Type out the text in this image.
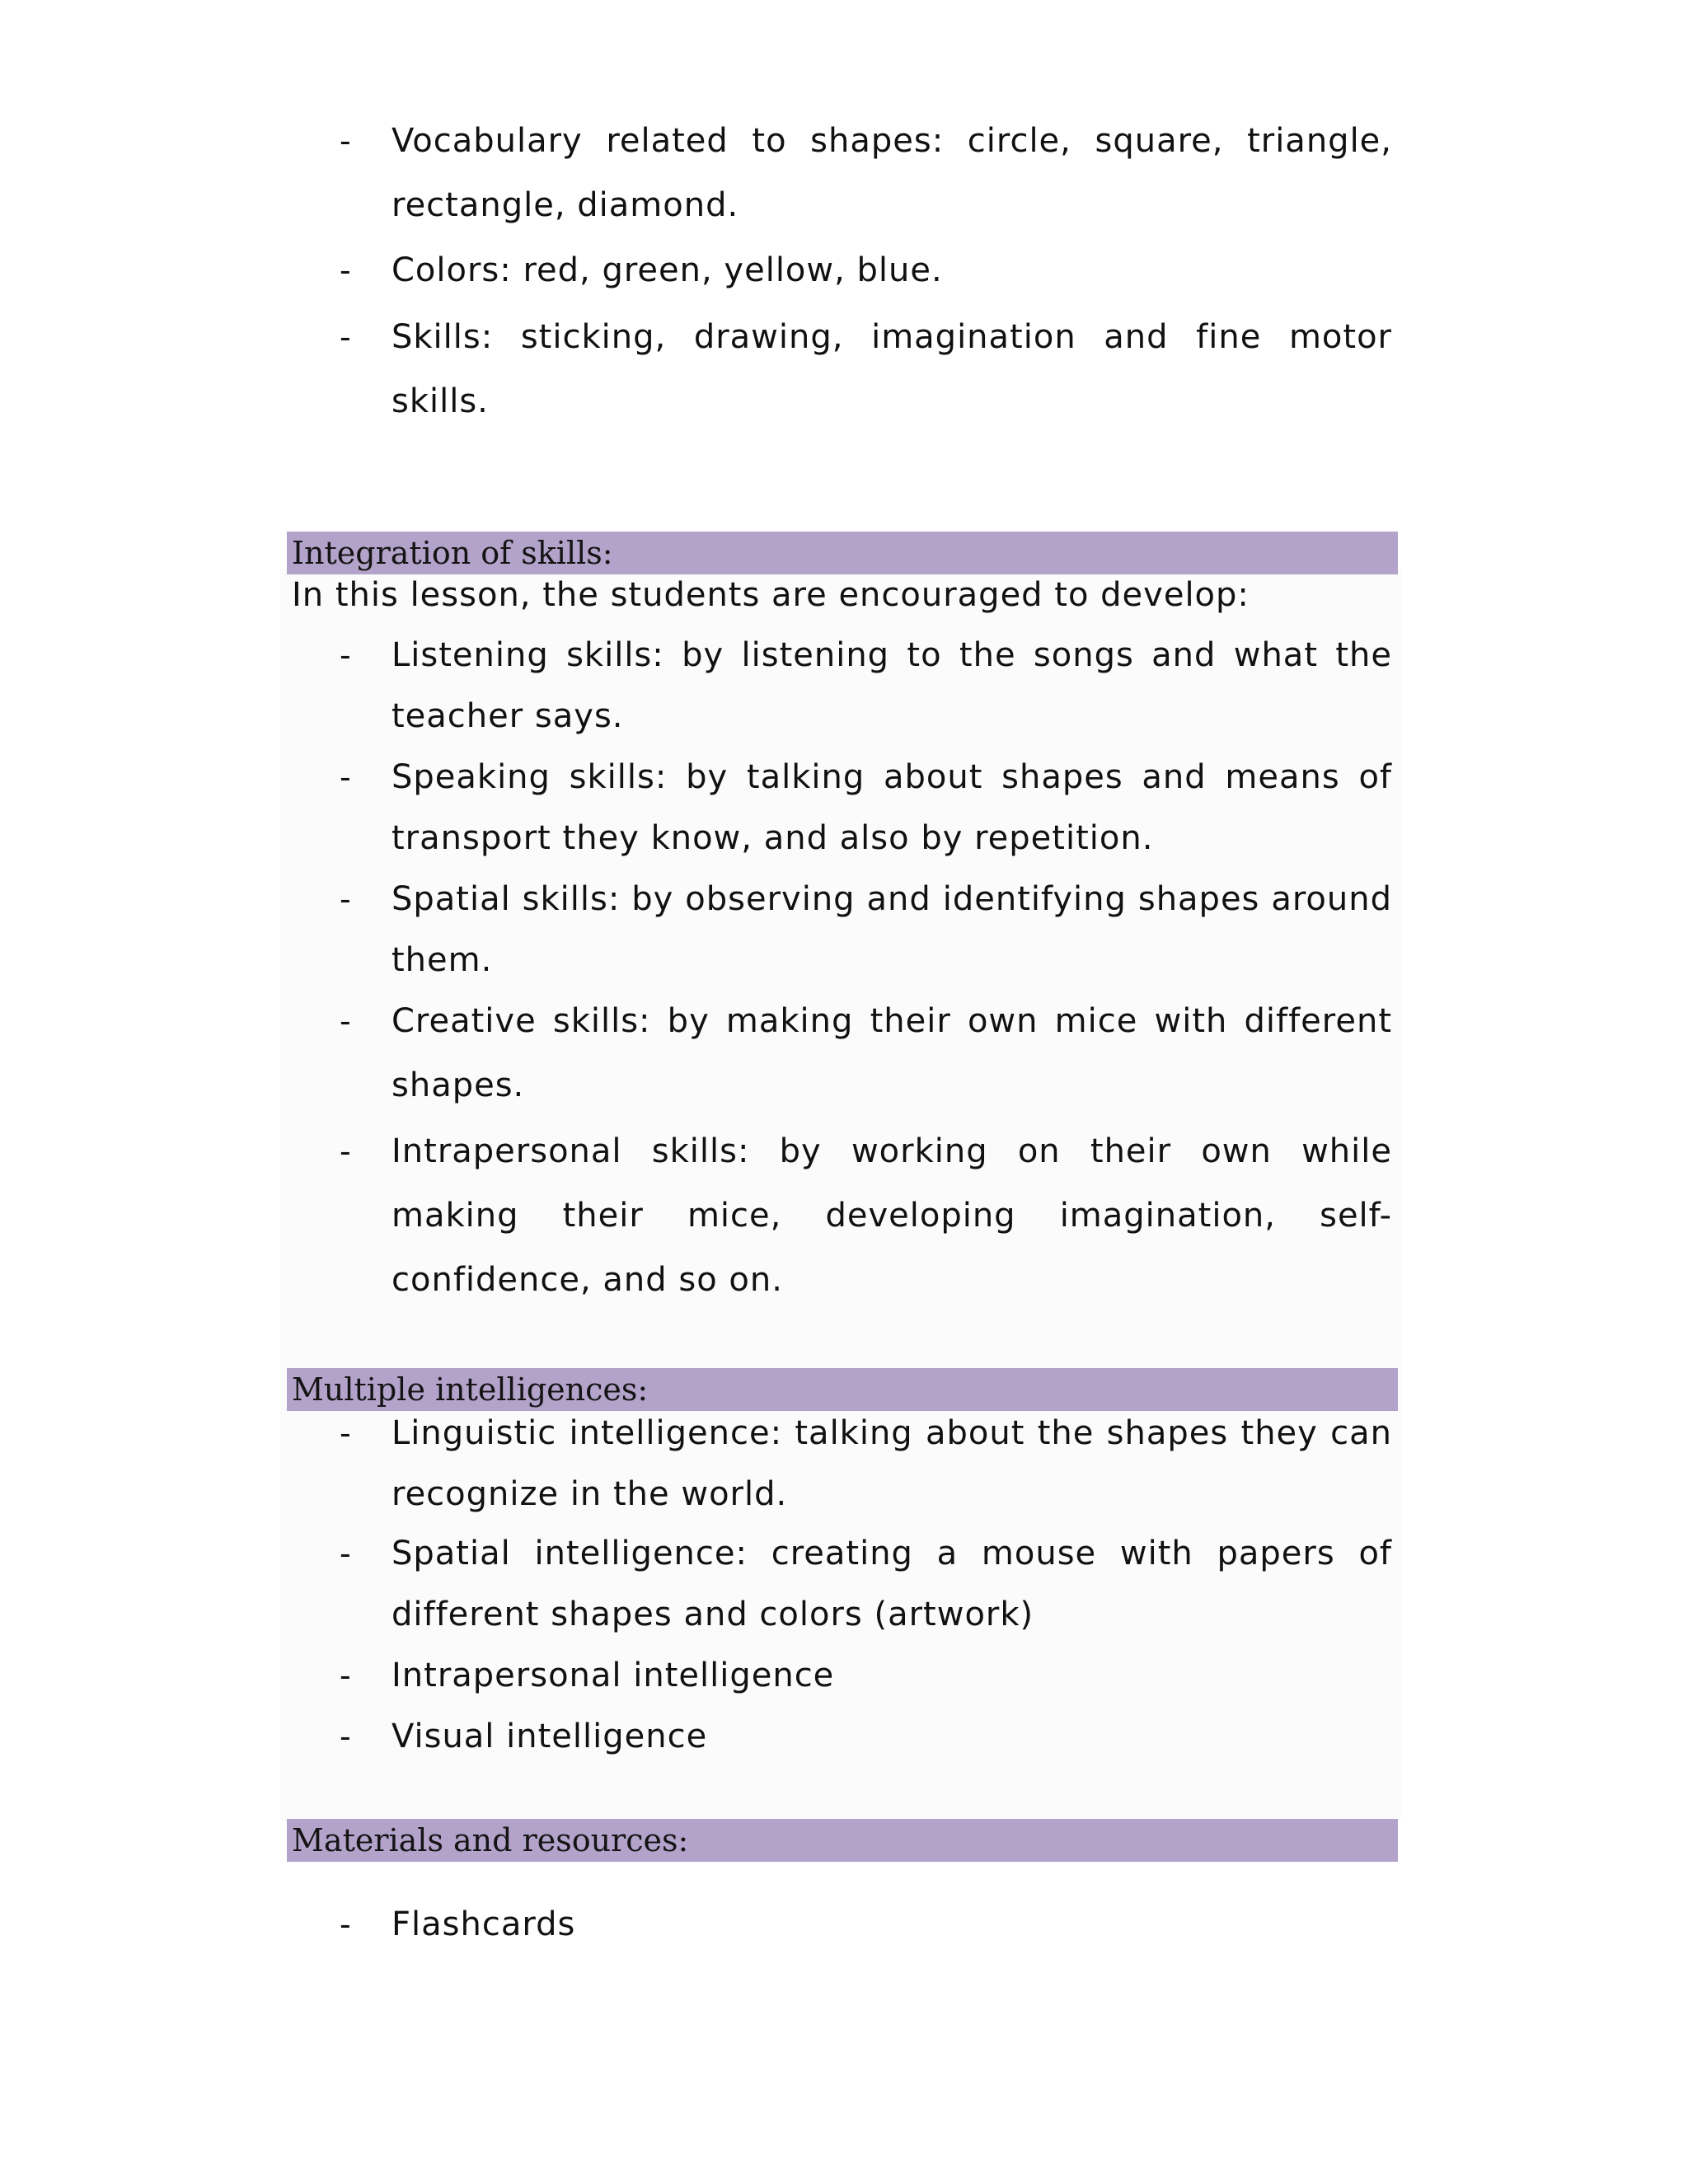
- Vocabulary related to shapes: circle, square, triangle, rectangle, diamond.
- Colors: red, green, yellow, blue.
- Skills: sticking, drawing, imagination and fine motor skills.
Integration of skills:
In this lesson, the students are encouraged to develop:
- Listening skills: by listening to the songs and what the teacher says.
- Speaking skills: by talking about shapes and means of transport they know, and also by repetition.
- Spatial skills: by observing and identifying shapes around them.
- Creative skills: by making their own mice with different shapes.
- Intrapersonal skills: by working on their own while making their mice, developing imagination, self-confidence, and so on.
Multiple intelligences:
- Linguistic intelligence: talking about the shapes they can recognize in the world.
- Spatial intelligence: creating a mouse with papers of different shapes and colors (artwork)
- Intrapersonal intelligence
- Visual intelligence
Materials and resources:
- Flashcards
